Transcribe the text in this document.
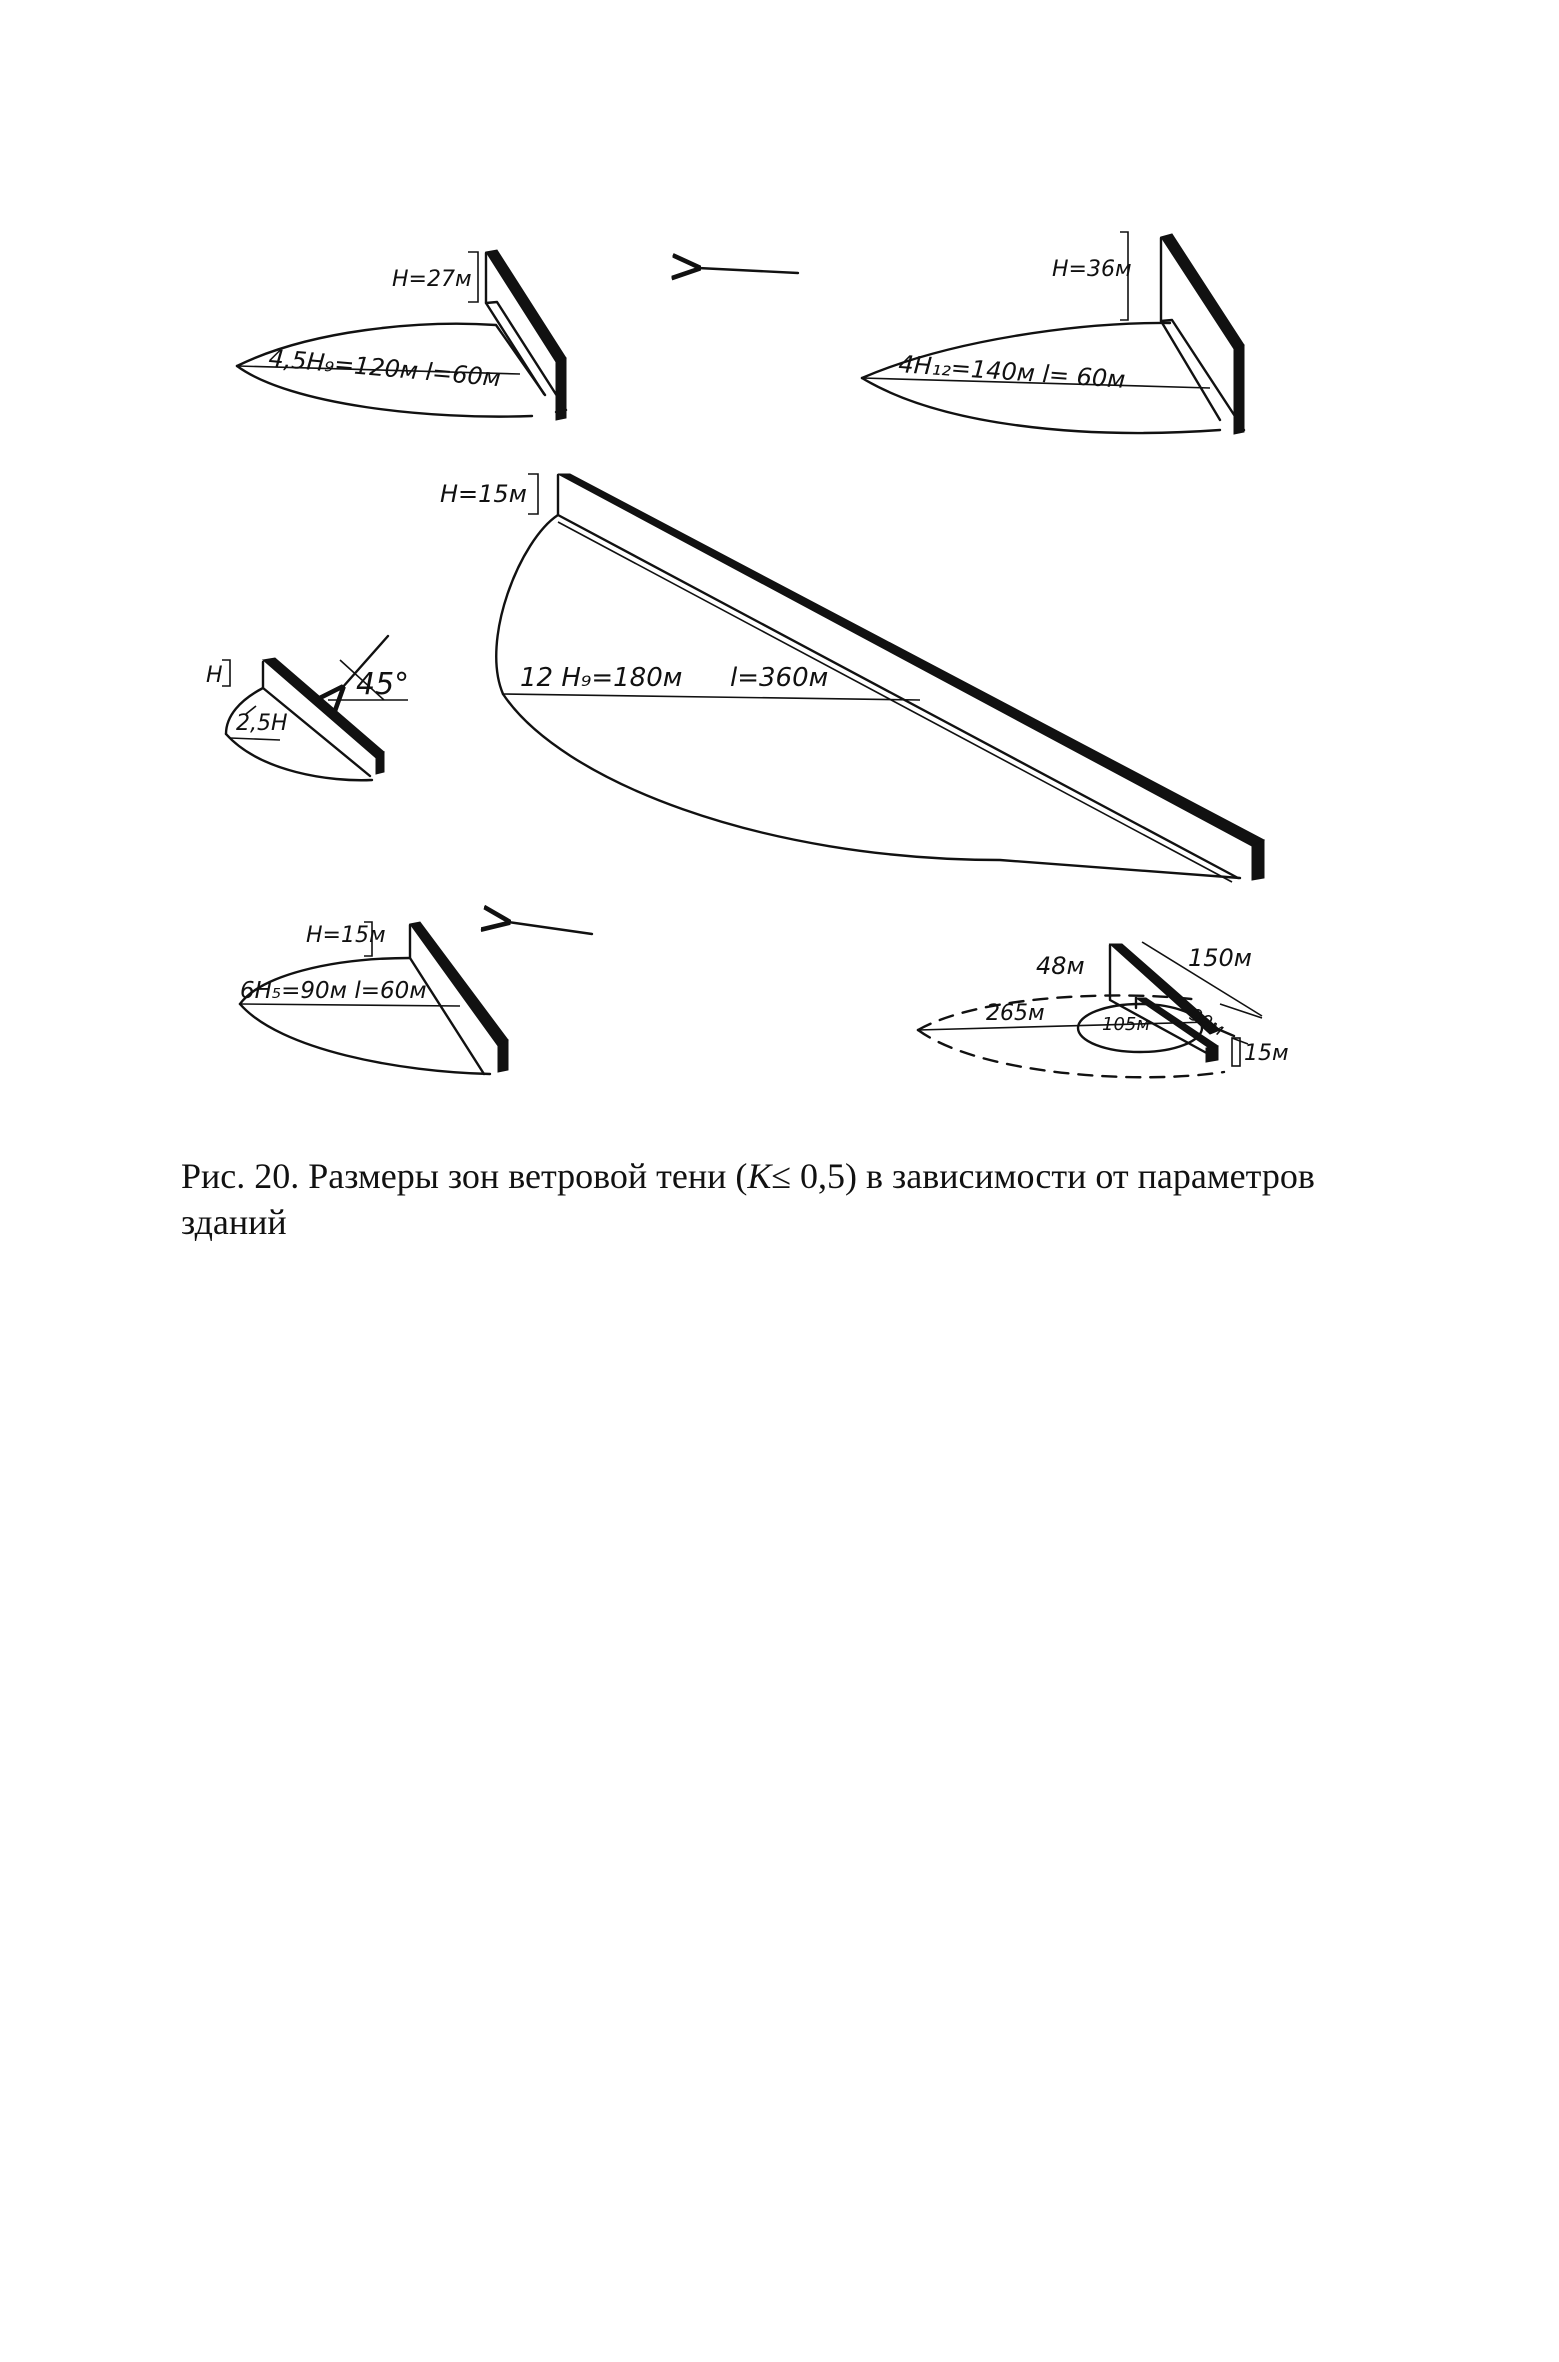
H=27м
4,5H₉=120м l=60м
H=36м
4H₁₂=140м l= 60м
H=15м
12 H₉=180м l=360м
H
2,5H
45°
H=15м
6H₅=90м l=60м
48м	150м
265м	105м 90м
15м
Рис. 20. Размеры зон ветровой тени (К≤ 0,5) в зависимости от параметров зданий
